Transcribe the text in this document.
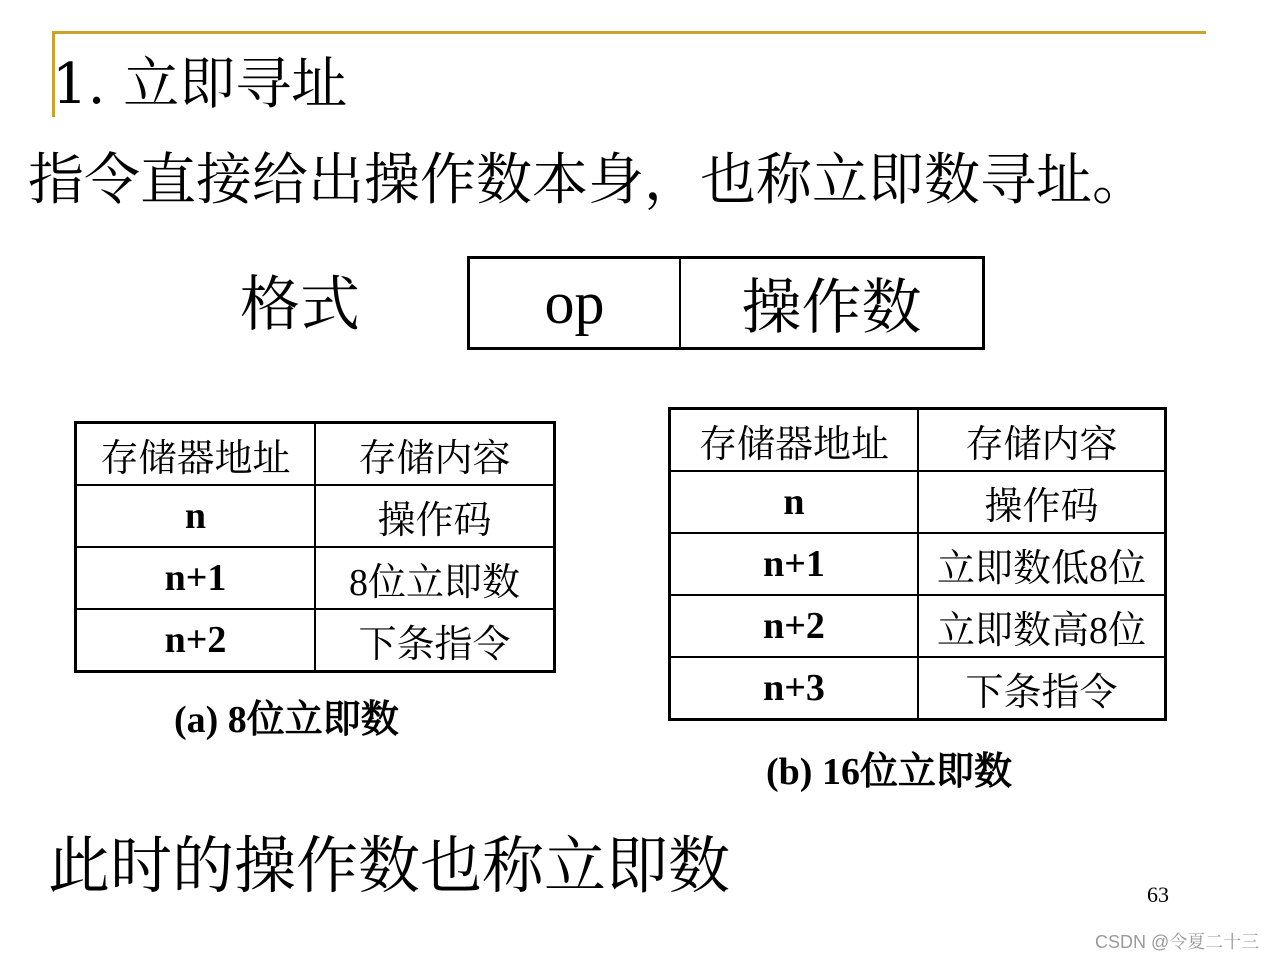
1. 立即寻址
指令直接给出操作数本身，也称立即数寻址。
格式	op	操作数
存储器地址	存储内容
n	操作码
n+1	8位立即数
n+2	下条指令
(a) 8位立即数
存储器地址	存储内容
n	操作码
n+1	立即数低8位
n+2	立即数高8位
n+3	下条指令
(b) 16位立即数
此时的操作数也称立即数	63
CSDN @令夏二十三
